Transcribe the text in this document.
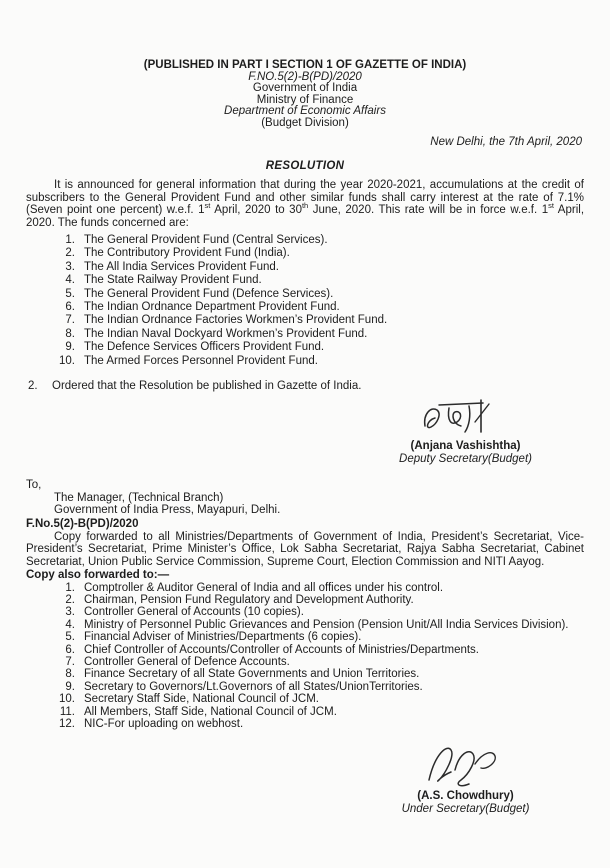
(PUBLISHED IN PART I SECTION 1 OF GAZETTE OF INDIA)
F.NO.5(2)-B(PD)/2020
Government of India
Ministry of Finance
Department of Economic Affairs
(Budget Division)
New Delhi, the 7th April, 2020
RESOLUTION

It is announced for general information that during the year 2020-2021, accumulations at the credit of subscribers to the General Provident Fund and other similar funds shall carry interest at the rate of 7.1% (Seven point one percent) w.e.f. 1st April, 2020 to 30th June, 2020. This rate will be in force w.e.f. 1st April, 2020. The funds concerned are:

1. The General Provident Fund (Central Services).
2. The Contributory Provident Fund (India).
3. The All India Services Provident Fund.
4. The State Railway Provident Fund.
5. The General Provident Fund (Defence Services).
6. The Indian Ordnance Department Provident Fund.
7. The Indian Ordnance Factories Workmen’s Provident Fund.
8. The Indian Naval Dockyard Workmen’s Provident Fund.
9. The Defence Services Officers Provident Fund.
10. The Armed Forces Personnel Provident Fund.
2.	Ordered that the Resolution be published in Gazette of India.
(Anjana Vashishtha)
Deputy Secretary(Budget)
To,
The Manager, (Technical Branch)
Government of India Press, Mayapuri, Delhi.
F.No.5(2)-B(PD)/2020

Copy forwarded to all Ministries/Departments of Government of India, President’s Secretariat, Vice-President’s Secretariat, Prime Minister’s Office, Lok Sabha Secretariat, Rajya Sabha Secretariat, Cabinet Secretariat, Union Public Service Commission, Supreme Court, Election Commission and NITI Aayog.

Copy also forwarded to:—
1. Comptroller & Auditor General of India and all offices under his control.
2. Chairman, Pension Fund Regulatory and Development Authority.
3. Controller General of Accounts (10 copies).
4. Ministry of Personnel Public Grievances and Pension (Pension Unit/All India Services Division).
5. Financial Adviser of Ministries/Departments (6 copies).
6. Chief Controller of Accounts/Controller of Accounts of Ministries/Departments.
7. Controller General of Defence Accounts.
8. Finance Secretary of all State Governments and Union Territories.
9. Secretary to Governors/Lt.Governors of all States/UnionTerritories.
10. Secretary Staff Side, National Council of JCM.
11. All Members, Staff Side, National Council of JCM.
12. NIC-For uploading on webhost.
(A.S. Chowdhury)
Under Secretary(Budget)
